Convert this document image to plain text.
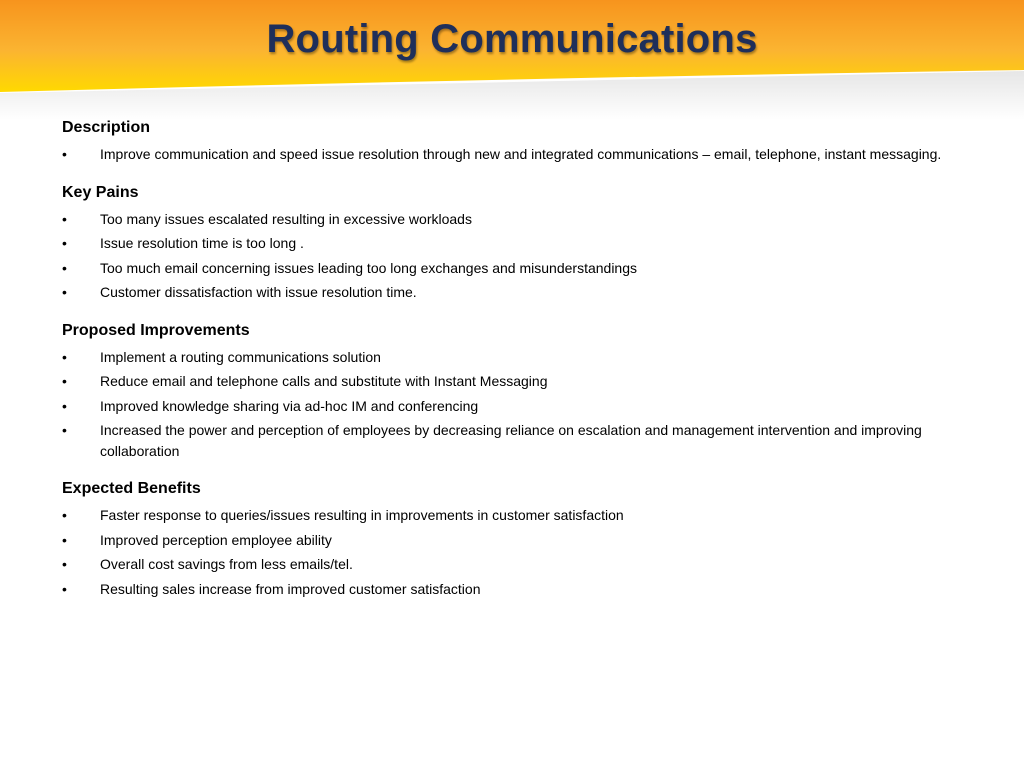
Routing Communications
Description
•	Improve communication and speed issue resolution through new and integrated communications – email, telephone, instant messaging.
Key Pains
•	Too many issues escalated resulting in excessive workloads
•	Issue resolution time is too long .
•	Too much email concerning issues leading too long exchanges and misunderstandings
•	Customer dissatisfaction with issue resolution time.
Proposed Improvements
•	Implement a routing communications solution
•	Reduce email and telephone calls and substitute with Instant Messaging
•	Improved knowledge sharing via ad-hoc IM and conferencing
•	Increased the power and perception of employees by decreasing reliance on escalation and management intervention and improving collaboration
Expected Benefits
•	Faster response to queries/issues resulting in improvements in customer satisfaction
•	Improved perception employee ability
•	Overall cost savings from less emails/tel.
•	Resulting sales increase from improved customer satisfaction
